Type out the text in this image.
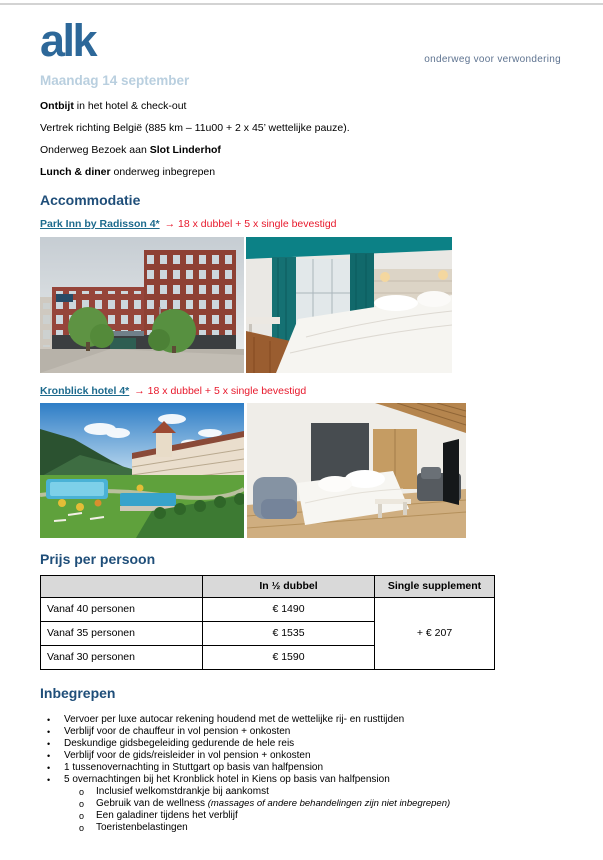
alk	onderweg voor verwondering
Maandag 14 september

Ontbijt in het hotel & check-out

Vertrek richting België (885 km – 11u00 + 2 x 45’ wettelijke pauze).

Onderweg Bezoek aan Slot Linderhof

Lunch & diner onderweg inbegrepen

Accommodatie

Park Inn by Radisson 4* → 18 x dubbel + 5 x single bevestigd

Kronblick hotel 4* → 18 x dubbel + 5 x single bevestigd

Prijs per persoon
	In ½ dubbel	Single supplement
Vanaf 40 personen	€ 1490	+ € 207
Vanaf 35 personen	€ 1535	
Vanaf 30 personen	€ 1590	
Inbegrepen
•	Vervoer per luxe autocar rekening houdend met de wettelijke rij- en rusttijden
•	Verblijf voor de chauffeur in vol pension + onkosten
•	Deskundige gidsbegeleiding gedurende de hele reis
•	Verblijf voor de gids/reisleider in vol pension + onkosten
•	1 tussenovernachting in Stuttgart op basis van halfpension
•	5 overnachtingen bij het Kronblick hotel in Kiens op basis van halfpension
o	Inclusief welkomstdrankje bij aankomst
o	Gebruik van de wellness (massages of andere behandelingen zijn niet inbegrepen)
o	Een galadiner tijdens het verblijf
o	Toeristenbelastingen
